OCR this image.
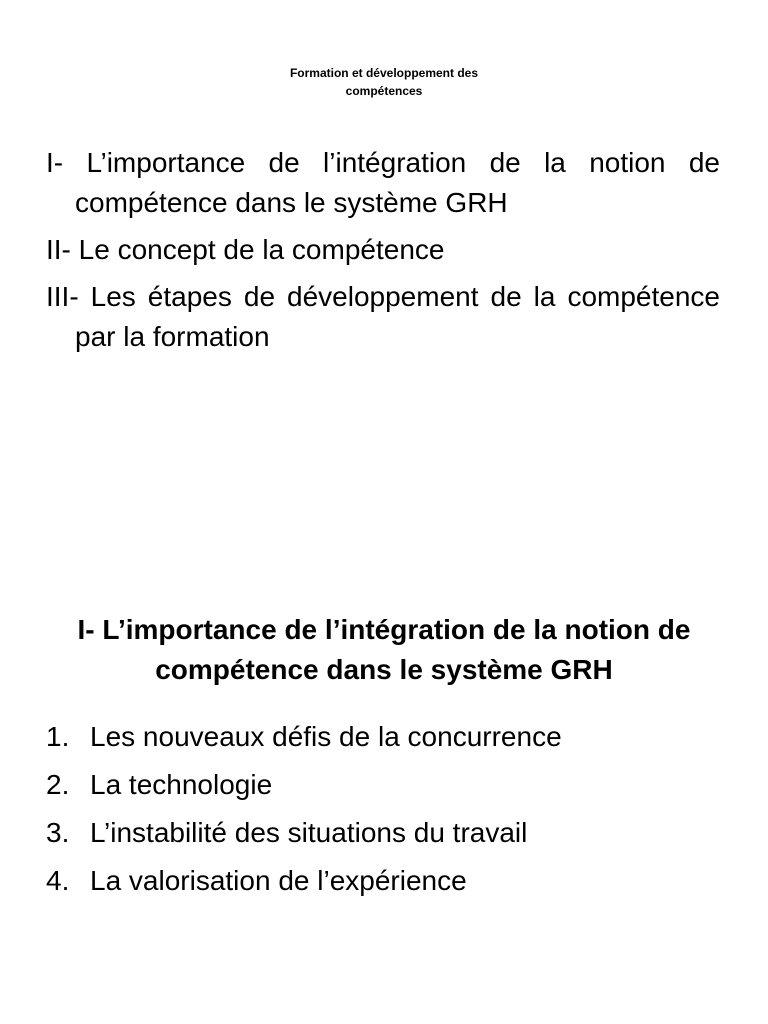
Formation et développement des
compétences
I- L’importance de l’intégration de la notion de compétence dans le système GRH
II- Le concept de la compétence
III- Les étapes de développement de la compétence par la formation
I- L’importance de l’intégration de la notion de
compétence dans le système GRH
1. Les nouveaux défis de la concurrence
2. La technologie
3. L’instabilité des situations du travail
4. La valorisation de l’expérience
